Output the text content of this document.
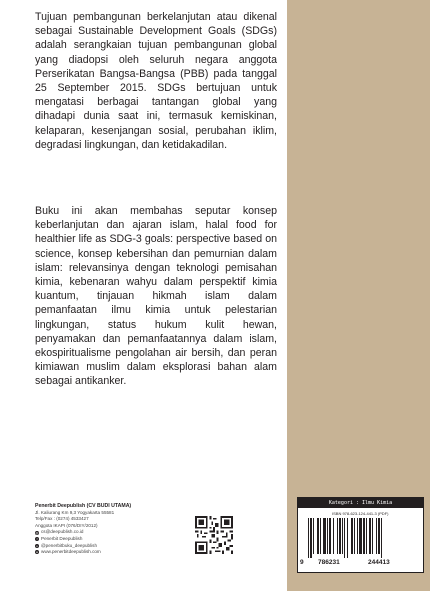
Tujuan pembangunan berkelanjutan atau dikenal sebagai Sustainable Development Goals (SDGs) adalah serangkaian tujuan pembangunan global yang diadopsi oleh seluruh negara anggota Perserikatan Bangsa-Bangsa (PBB) pada tanggal 25 September 2015. SDGs bertujuan untuk mengatasi berbagai tantangan global yang dihadapi dunia saat ini, termasuk kemiskinan, kelaparan, kesenjangan sosial, perubahan iklim, degradasi lingkungan, dan ketidakadilan.

Buku ini akan membahas seputar konsep keberlanjutan dan ajaran islam, halal food for healthier life as SDG-3 goals: perspective based on science, konsep kebersihan dan pemurnian dalam islam: relevansinya dengan teknologi pemisahan kimia, kebenaran wahyu dalam perspektif kimia kuantum, tinjauan hikmah islam dalam pemanfaatan ilmu kimia untuk pelestarian lingkungan, status hukum kulit hewan, penyamakan dan pemanfaatannya dalam islam, ekospiritualisme pengolahan air bersih, dan peran kimiawan muslim dalam eksplorasi bahan alam sebagai antikanker.

Penerbit Deepublish (CV BUDI UTAMA)
Jl. Kaliurang Km 9,3 Yogyakarta 55581
Telp/Fax : (0274) 4533427
Anggota IKAPI (076/DIY/2012)
@ cs@deepublish.co.id
f Penerbit Deepublish
o @penerbitbuku_deepublish
w www.penerbitdeepublish.com
Kategori : Ilmu Kimia
ISBN 978-623-124-441-3 (PDF)
9 786231	244413
